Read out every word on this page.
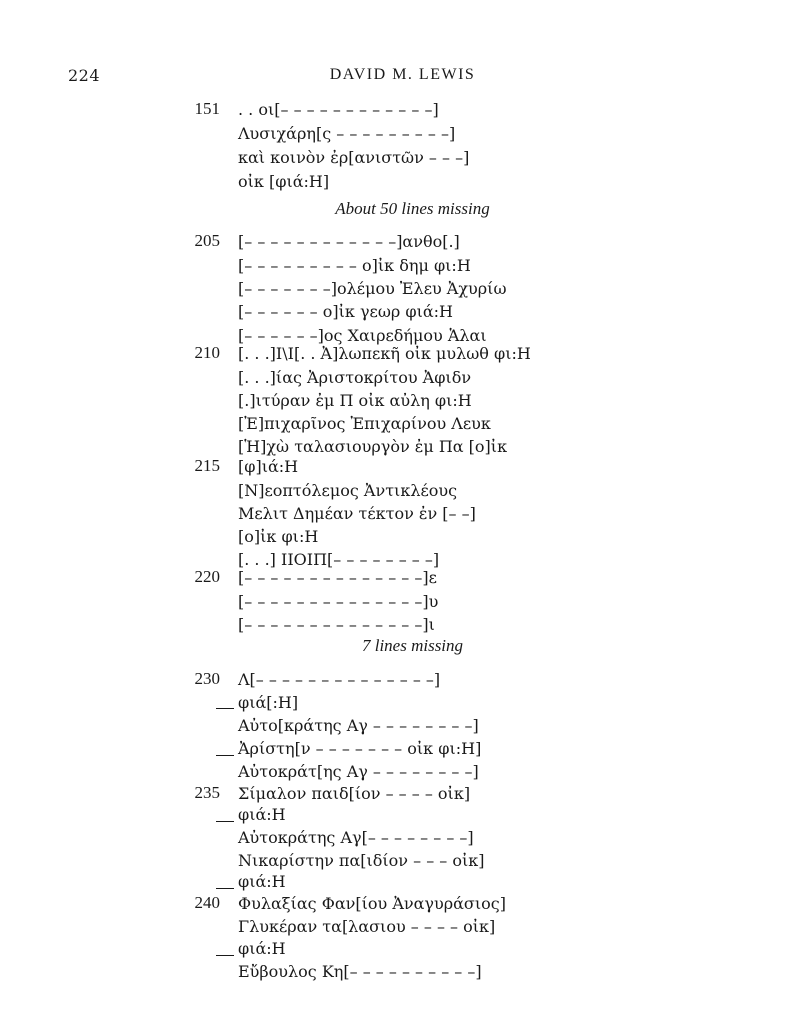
224	DAVID M. LEWIS
151 . . οι[– – – – – – – – – – – –]
Λυσιχάρη[ς – – – – – – – – –]
καὶ κοινὸν ἐρ[ανιστῶν – – –]
οἰκ [φιά:Η]
About 50 lines missing
205 [– – – – – – – – – – – –]ανθο[.]
[– – – – – – – – – ο]ἰκ δημ φι:Η
[– – – – – – –]ολέμου Ἐλευ Ἀχυρίω
[– – – – – – ο]ἰκ γεωρ φιά:Η
[– – – – – –]ος Χαιρεδήμου Ἁλαι
210 [. . .]Ι\Ι[. . Ἀ]λωπεκῆ οἰκ μυλωθ φι:Η
[. . .]ίας Ἀριστοκρίτου Ἀφιδν
[.]ιτύραν ἐμ Π οἰκ αὐλη φι:Η
[Ἐ]πιχαρῖνος Ἐπιχαρίνου Λευκ
[Ἡ]χὼ ταλασιουργὸν ἐμ Πα [ο]ἰκ
215 [φ]ιά:Η
[Ν]εοπτόλεμος Ἀντικλέους
Μελιτ Δημέαν τέκτον ἐν [– –]
[ο]ἰκ φι:Η
[. . .] ΙΙΟΙΠ[– – – – – – – –]
220 [– – – – – – – – – – – – – –]ε
[– – – – – – – – – – – – – –]υ
[– – – – – – – – – – – – – –]ι
7 lines missing
230 Λ[– – – – – – – – – – – – – –]
φιά[:Η]
Αὐτο[κράτης Αγ – – – – – – – –]
Ἀρίστη[ν – – – – – – – οἰκ φι:Η]
Αὐτοκράτ[ης Αγ – – – – – – – –]
235 Σίμαλον παιδ[ίον – – – – οἰκ]
φιά:Η
Αὐτοκράτης Αγ[– – – – – – – –]
Νικαρίστην πα[ιδίον – – – οἰκ]
φιά:Η
240 Φυλαξίας Φαν[ίου Ἀναγυράσιος]
Γλυκέραν τα[λασιου – – – – οἰκ]
φιά:Η
Εὔβουλος Κη[– – – – – – – – – –]
